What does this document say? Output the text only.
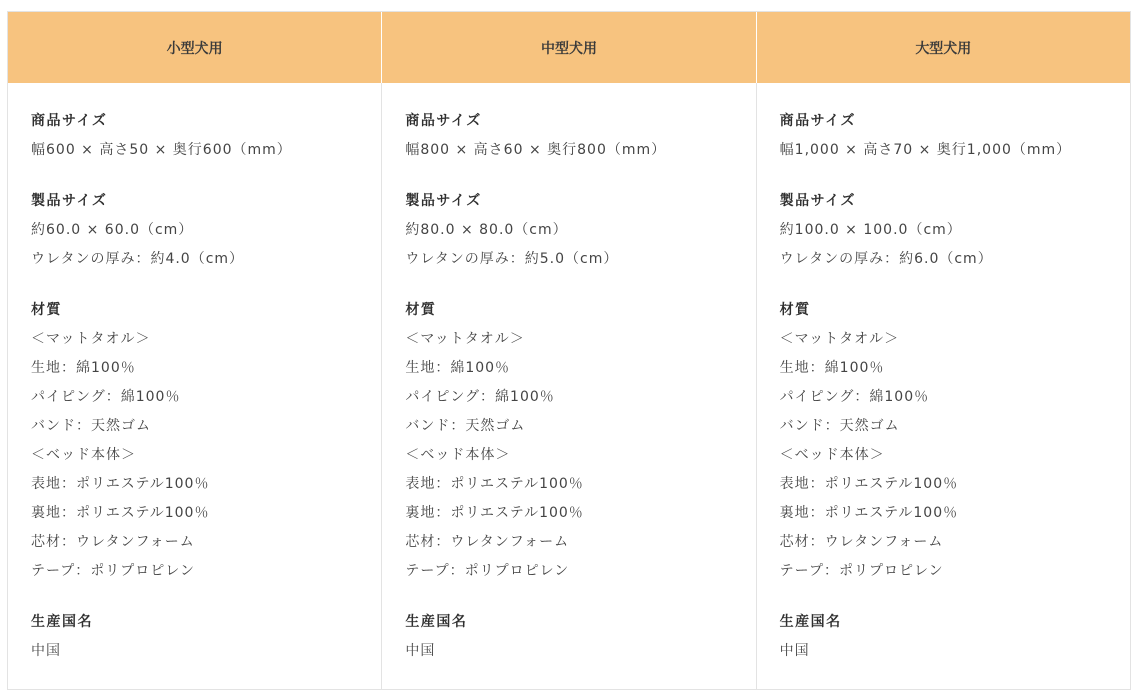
小型犬用	中型犬用	大型犬用
商品サイズ
幅600 × 高さ50 × 奥行600（mm）
製品サイズ
約60.0 × 60.0（cm）
ウレタンの厚み：約4.0（cm）
材質
＜マットタオル＞
生地：綿100％
パイピング：綿100％
バンド：天然ゴム
＜ベッド本体＞
表地：ポリエステル100％
裏地：ポリエステル100％
芯材：ウレタンフォーム
テープ：ポリプロピレン
生産国名
中国
商品サイズ
幅800 × 高さ60 × 奥行800（mm）
製品サイズ
約80.0 × 80.0（cm）
ウレタンの厚み：約5.0（cm）
材質
＜マットタオル＞
生地：綿100％
パイピング：綿100％
バンド：天然ゴム
＜ベッド本体＞
表地：ポリエステル100％
裏地：ポリエステル100％
芯材：ウレタンフォーム
テープ：ポリプロピレン
生産国名
中国
商品サイズ
幅1,000 × 高さ70 × 奥行1,000（mm）
製品サイズ
約100.0 × 100.0（cm）
ウレタンの厚み：約6.0（cm）
材質
＜マットタオル＞
生地：綿100％
パイピング：綿100％
バンド：天然ゴム
＜ベッド本体＞
表地：ポリエステル100％
裏地：ポリエステル100％
芯材：ウレタンフォーム
テープ：ポリプロピレン
生産国名
中国
